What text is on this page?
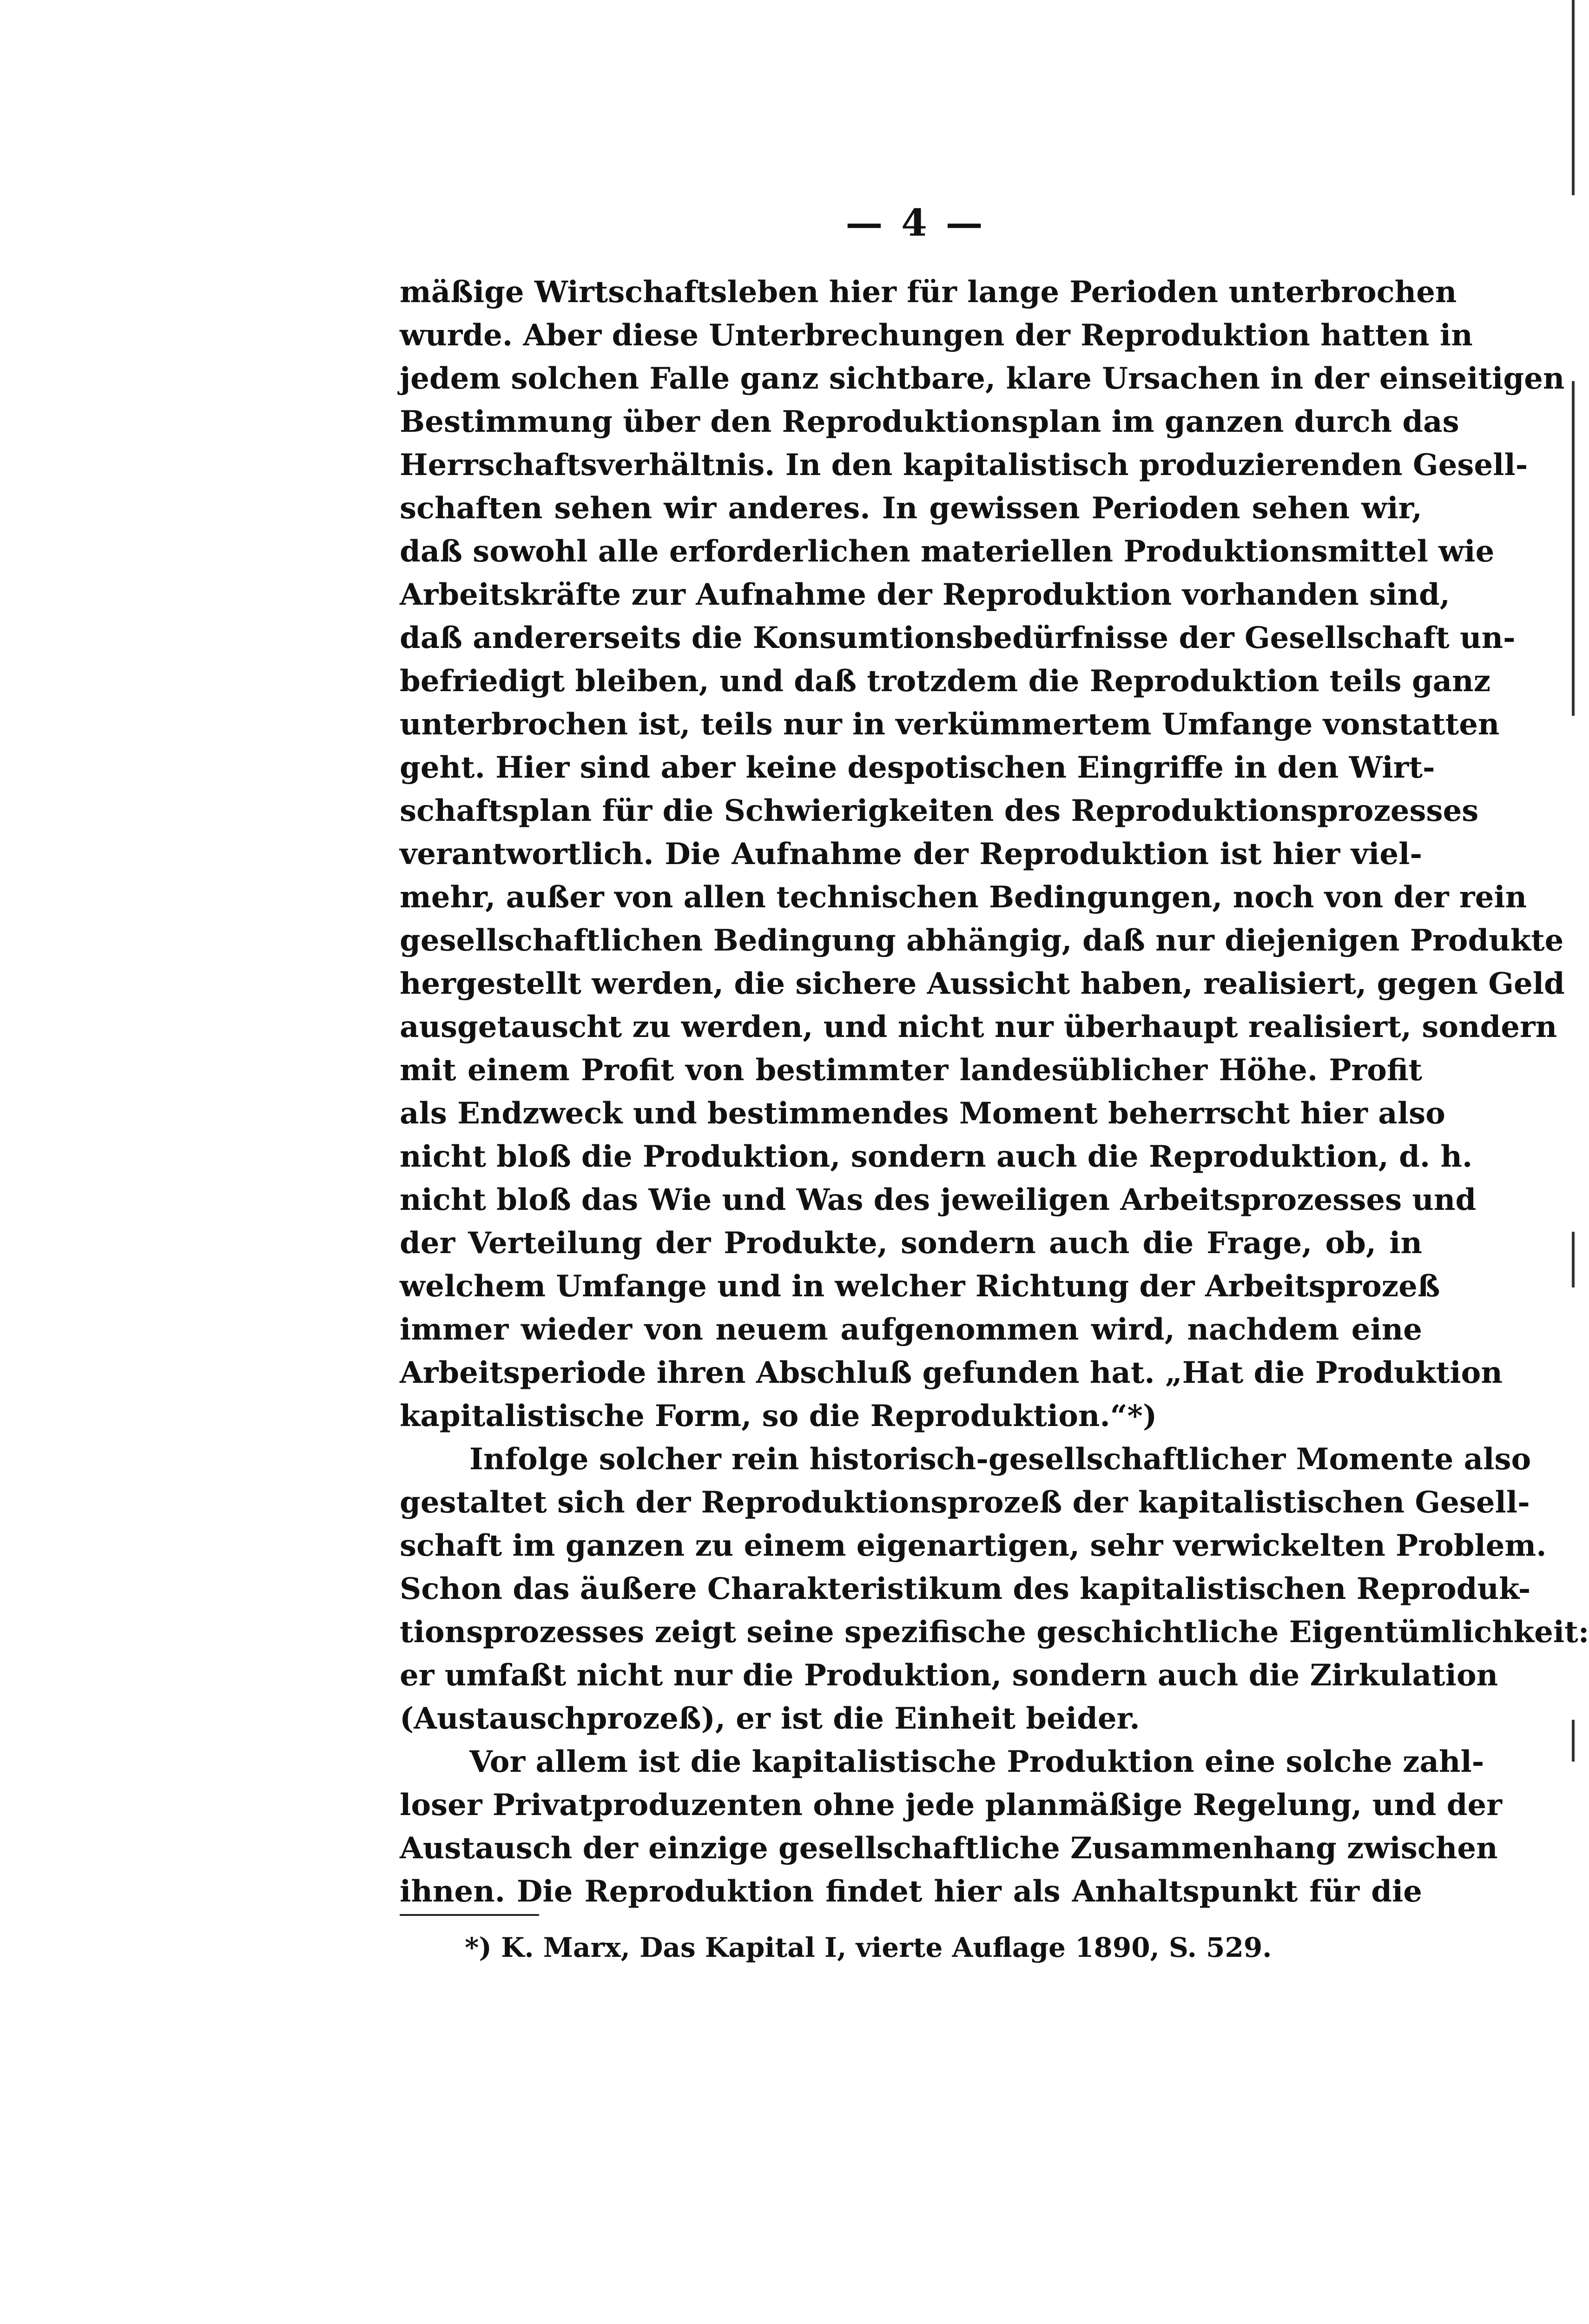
— 4 —
mäßige Wirtschaftsleben hier für lange Perioden unterbrochen
wurde. Aber diese Unterbrechungen der Reproduktion hatten in
jedem solchen Falle ganz sichtbare, klare Ursachen in der einseitigen
Bestimmung über den Reproduktionsplan im ganzen durch das
Herrschaftsverhältnis. In den kapitalistisch produzierenden Gesell-
schaften sehen wir anderes. In gewissen Perioden sehen wir,
daß sowohl alle erforderlichen materiellen Produktionsmittel wie
Arbeitskräfte zur Aufnahme der Reproduktion vorhanden sind,
daß andererseits die Konsumtionsbedürfnisse der Gesellschaft un-
befriedigt bleiben, und daß trotzdem die Reproduktion teils ganz
unterbrochen ist, teils nur in verkümmertem Umfange vonstatten
geht. Hier sind aber keine despotischen Eingriffe in den Wirt-
schaftsplan für die Schwierigkeiten des Reproduktionsprozesses
verantwortlich. Die Aufnahme der Reproduktion ist hier viel-
mehr, außer von allen technischen Bedingungen, noch von der rein
gesellschaftlichen Bedingung abhängig, daß nur diejenigen Produkte
hergestellt werden, die sichere Aussicht haben, realisiert, gegen Geld
ausgetauscht zu werden, und nicht nur überhaupt realisiert, sondern
mit einem Profit von bestimmter landesüblicher Höhe. Profit
als Endzweck und bestimmendes Moment beherrscht hier also
nicht bloß die Produktion, sondern auch die Reproduktion, d. h.
nicht bloß das Wie und Was des jeweiligen Arbeitsprozesses und
der Verteilung der Produkte, sondern auch die Frage, ob, in
welchem Umfange und in welcher Richtung der Arbeitsprozeß
immer wieder von neuem aufgenommen wird, nachdem eine
Arbeitsperiode ihren Abschluß gefunden hat. „Hat die Produktion
kapitalistische Form, so die Reproduktion.“*)
Infolge solcher rein historisch-gesellschaftlicher Momente also
gestaltet sich der Reproduktionsprozeß der kapitalistischen Gesell-
schaft im ganzen zu einem eigenartigen, sehr verwickelten Problem.
Schon das äußere Charakteristikum des kapitalistischen Reproduk-
tionsprozesses zeigt seine spezifische geschichtliche Eigentümlichkeit:
er umfaßt nicht nur die Produktion, sondern auch die Zirkulation
(Austauschprozeß), er ist die Einheit beider.
Vor allem ist die kapitalistische Produktion eine solche zahl-
loser Privatproduzenten ohne jede planmäßige Regelung, und der
Austausch der einzige gesellschaftliche Zusammenhang zwischen
ihnen. Die Reproduktion findet hier als Anhaltspunkt für die
*) K. Marx, Das Kapital I, vierte Auflage 1890, S. 529.
